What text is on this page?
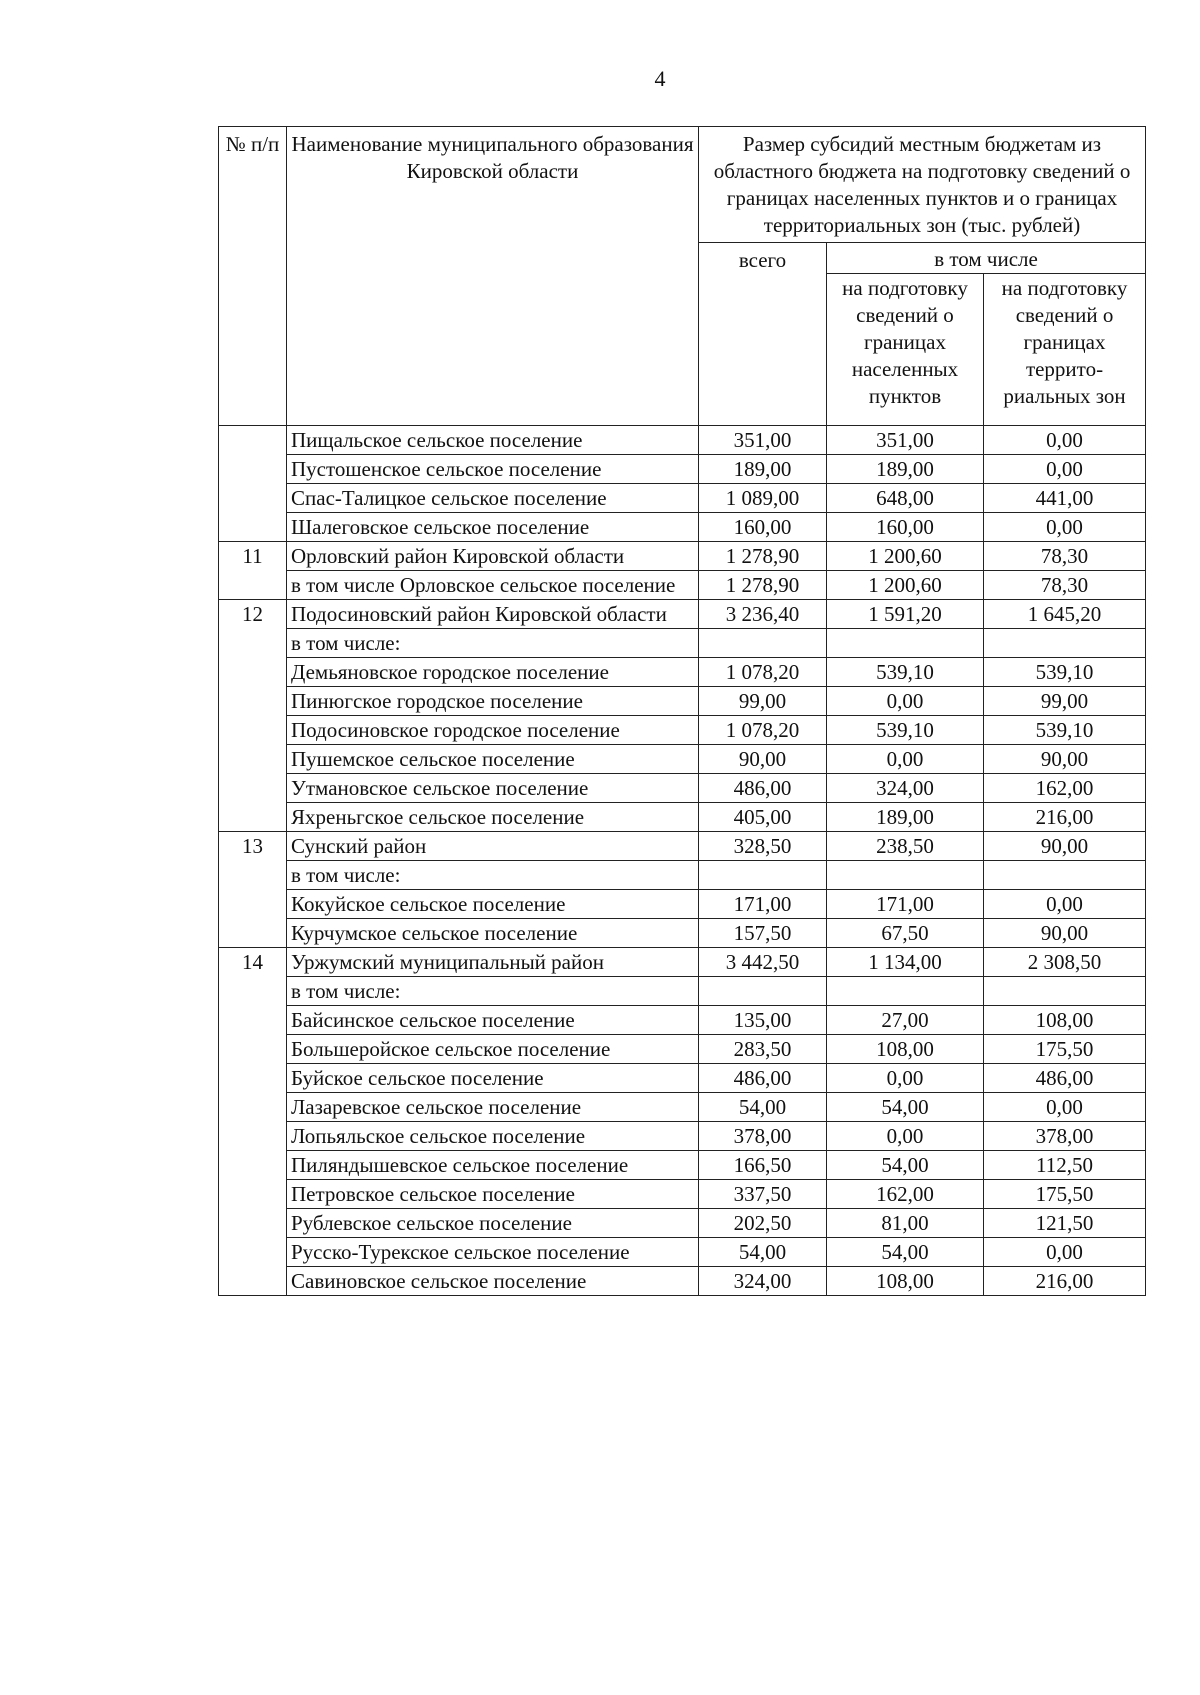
4
№ п/п	Наименование муниципального образования Кировской области	Размер субсидий местным бюджетам из областного бюджета на подготовку сведений о границах населенных пунктов и о границах территориальных зон (тыс. рублей)		
		всего	в том числе	
			на подготовку сведений о границах населенных пунктов	на подготовку сведений о границах террито-риальных зон
	Пищальское сельское поселение	351,00	351,00	0,00
	Пустошенское сельское поселение	189,00	189,00	0,00
	Спас-Талицкое сельское поселение	1 089,00	648,00	441,00
	Шалеговское сельское поселение	160,00	160,00	0,00
11	Орловский район Кировской области	1 278,90	1 200,60	78,30
	в том числе Орловское сельское поселение	1 278,90	1 200,60	78,30
12	Подосиновский район Кировской области	3 236,40	1 591,20	1 645,20
	в том числе:			
	Демьяновское городское поселение	1 078,20	539,10	539,10
	Пинюгское городское поселение	99,00	0,00	99,00
	Подосиновское городское поселение	1 078,20	539,10	539,10
	Пушемское сельское поселение	90,00	0,00	90,00
	Утмановское сельское поселение	486,00	324,00	162,00
	Яхреньгское сельское поселение	405,00	189,00	216,00
13	Сунский район	328,50	238,50	90,00
	в том числе:			
	Кокуйское сельское поселение	171,00	171,00	0,00
	Курчумское сельское поселение	157,50	67,50	90,00
14	Уржумский муниципальный район	3 442,50	1 134,00	2 308,50
	в том числе:			
	Байсинское сельское поселение	135,00	27,00	108,00
	Большеройское сельское поселение	283,50	108,00	175,50
	Буйское сельское поселение	486,00	0,00	486,00
	Лазаревское сельское поселение	54,00	54,00	0,00
	Лопьяльское сельское поселение	378,00	0,00	378,00
	Пиляндышевское сельское поселение	166,50	54,00	112,50
	Петровское сельское поселение	337,50	162,00	175,50
	Рублевское сельское поселение	202,50	81,00	121,50
	Русско-Турекское сельское поселение	54,00	54,00	0,00
	Савиновское сельское поселение	324,00	108,00	216,00
